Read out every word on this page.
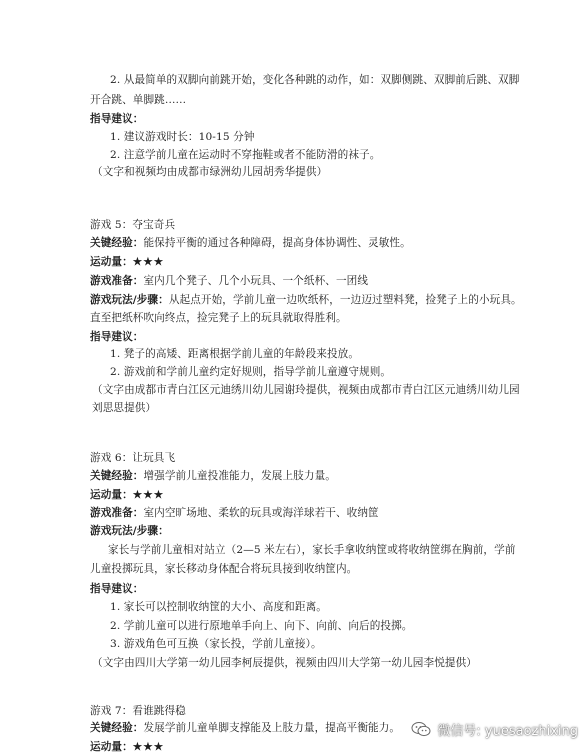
2. 从最简单的双脚向前跳开始，变化各种跳的动作，如：双脚侧跳、双脚前后跳、双脚
开合跳、单脚跳……
指导建议：
1. 建议游戏时长：10-15 分钟
2. 注意学前儿童在运动时不穿拖鞋或者不能防滑的袜子。
（文字和视频均由成都市绿洲幼儿园胡秀华提供）
游戏 5：夺宝奇兵
关键经验：能保持平衡的通过各种障碍，提高身体协调性、灵敏性。
运动量：★★★
游戏准备：室内几个凳子、几个小玩具、一个纸杯、一团线
游戏玩法/步骤：从起点开始，学前儿童一边吹纸杯，一边迈过塑料凳，捡凳子上的小玩具。
直至把纸杯吹向终点，捡完凳子上的玩具就取得胜利。
指导建议：
1. 凳子的高矮、距离根据学前儿童的年龄段来投放。
2. 游戏前和学前儿童约定好规则，指导学前儿童遵守规则。
（文字由成都市青白江区元迪绣川幼儿园谢玲提供，视频由成都市青白江区元迪绣川幼儿园
刘思思提供）
游戏 6：让玩具飞
关键经验：增强学前儿童投准能力，发展上肢力量。
运动量：★★★
游戏准备：室内空旷场地、柔软的玩具或海洋球若干、收纳筐
游戏玩法/步骤：
家长与学前儿童相对站立（2—5 米左右），家长手拿收纳筐或将收纳筐绑在胸前，学前
儿童投掷玩具，家长移动身体配合将玩具接到收纳筐内。
指导建议：
1. 家长可以控制收纳筐的大小、高度和距离。
2. 学前儿童可以进行原地单手向上、向下、向前、向后的投掷。
3. 游戏角色可互换（家长投，学前儿童接）。
（文字由四川大学第一幼儿园李柯辰提供，视频由四川大学第一幼儿园李悦提供）
游戏 7：看谁跳得稳
关键经验：发展学前儿童单脚支撑能及上肢力量，提高平衡能力。
运动量：★★★
微信号: yuesaozhixing
